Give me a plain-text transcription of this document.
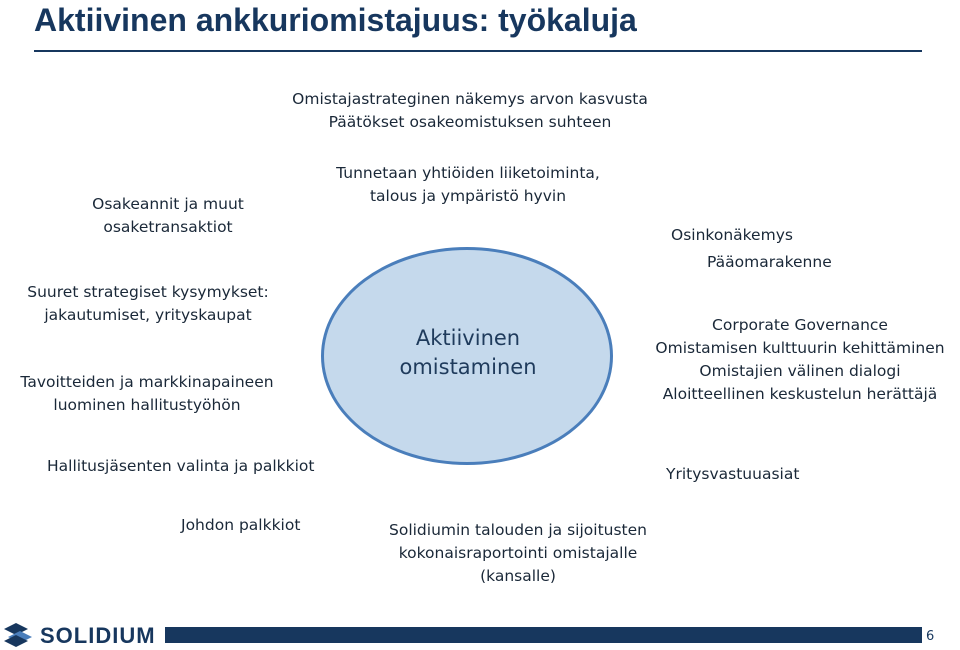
Aktiivinen ankkuriomistajuus: työkaluja
Omistajastrateginen näkemys arvon kasvusta
Päätökset osakeomistuksen suhteen
Tunnetaan yhtiöiden liiketoiminta,
talous ja ympäristö hyvin
Osakeannit ja muut
osaketransaktiot
Suuret strategiset kysymykset:
jakautumiset, yrityskaupat
Tavoitteiden ja markkinapaineen
luominen hallitustyöhön
Aktiivinen
omistaminen
Osinkonäkemys
Pääomarakenne
Corporate Governance
Omistamisen kulttuurin kehittäminen
Omistajien välinen dialogi
Aloitteellinen keskustelun herättäjä
Hallitusjäsenten valinta ja palkkiot	Yritysvastuuasiat
Johdon palkkiot	Solidiumin talouden ja sijoitusten
kokonaisraportointi omistajalle
(kansalle)
SOLIDIUM	6
